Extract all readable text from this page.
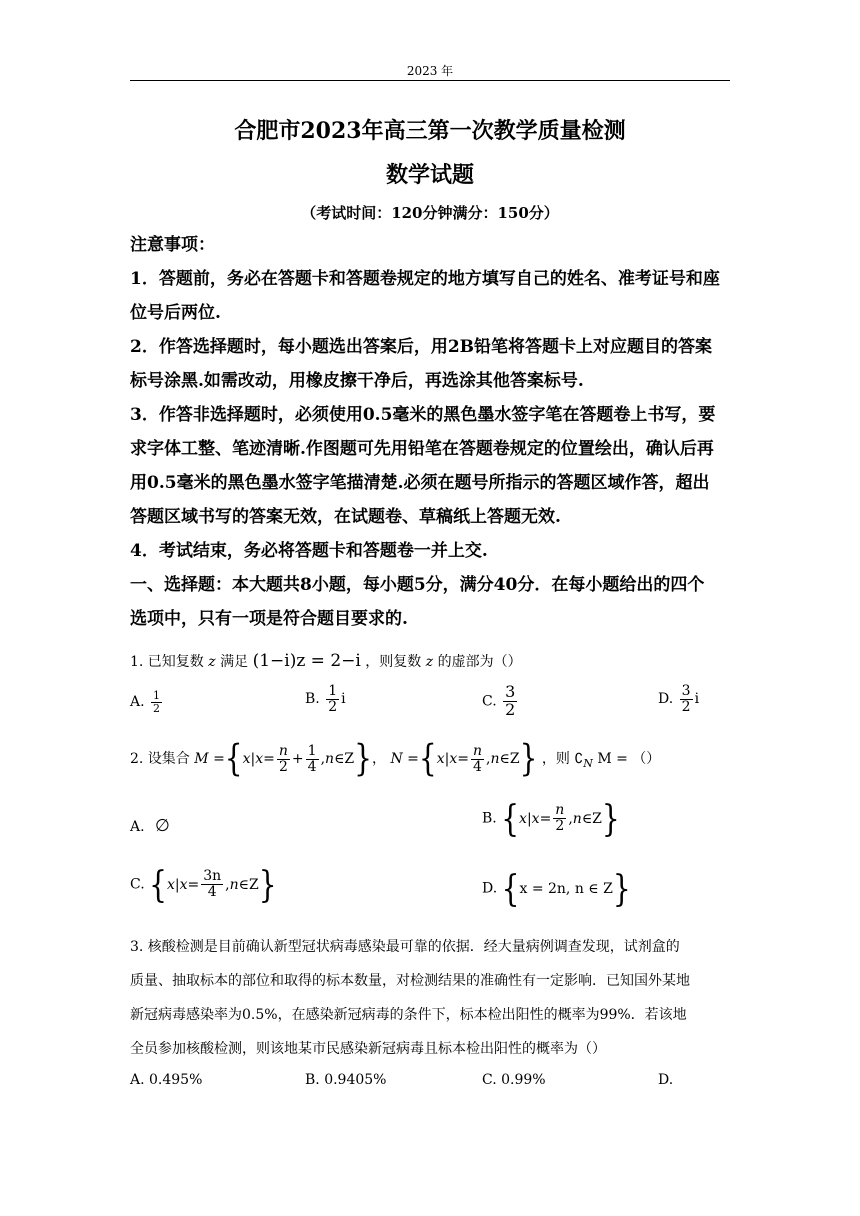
2023 年
合肥市2023年高三第一次教学质量检测
数学试题
（考试时间：120分钟满分：150分）
注意事项：
1．答题前，务必在答题卡和答题卷规定的地方填写自己的姓名、准考证号和座
位号后两位.
2．作答选择题时，每小题选出答案后，用2B铅笔将答题卡上对应题目的答案
标号涂黑.如需改动，用橡皮擦干净后，再选涂其他答案标号.
3．作答非选择题时，必须使用0.5毫米的黑色墨水签字笔在答题卷上书写，要
求字体工整、笔迹清晰.作图题可先用铅笔在答题卷规定的位置绘出，确认后再
用0.5毫米的黑色墨水签字笔描清楚.必须在题号所指示的答题区域作答，超出
答题区域书写的答案无效，在试题卷、草稿纸上答题无效.
4．考试结束，务必将答题卡和答题卷一并上交.
一、选择题：本大题共8小题，每小题5分，满分40分．在每小题给出的四个
选项中，只有一项是符合题目要求的.
1. 已知复数 z 满足 (1−i)z = 2−i ，则复数 z 的虚部为（）
A. $\frac{1}{2}$	B. $\frac{1}{2}$ i	C. $\frac{3}{2}$	D. $\frac{3}{2}$ i
2. 设集合 $M =\{x|x= \frac{n}{2} + \frac{1}{4}$ ,n∈Z}， $N =\{x|x= \frac{n}{4}$ ,n∈Z} ，则 $∁_N$ M = （）
A. ∅	B. {$x|x= \frac{n}{2}$ ,n∈Z}
C. {$x|x= \frac{3n}{4}$ ,n∈Z}	D. {x = 2n, n ∈ Z}
3. 核酸检测是目前确认新型冠状病毒感染最可靠的依据．经大量病例调查发现，试剂盒的
质量、抽取标本的部位和取得的标本数量，对检测结果的准确性有一定影响．已知国外某地
新冠病毒感染率为0.5%，在感染新冠病毒的条件下，标本检出阳性的概率为99%．若该地
全员参加核酸检测，则该地某市民感染新冠病毒且标本检出阳性的概率为（）
A. 0.495%	B. 0.9405%	C. 0.99%	D.
